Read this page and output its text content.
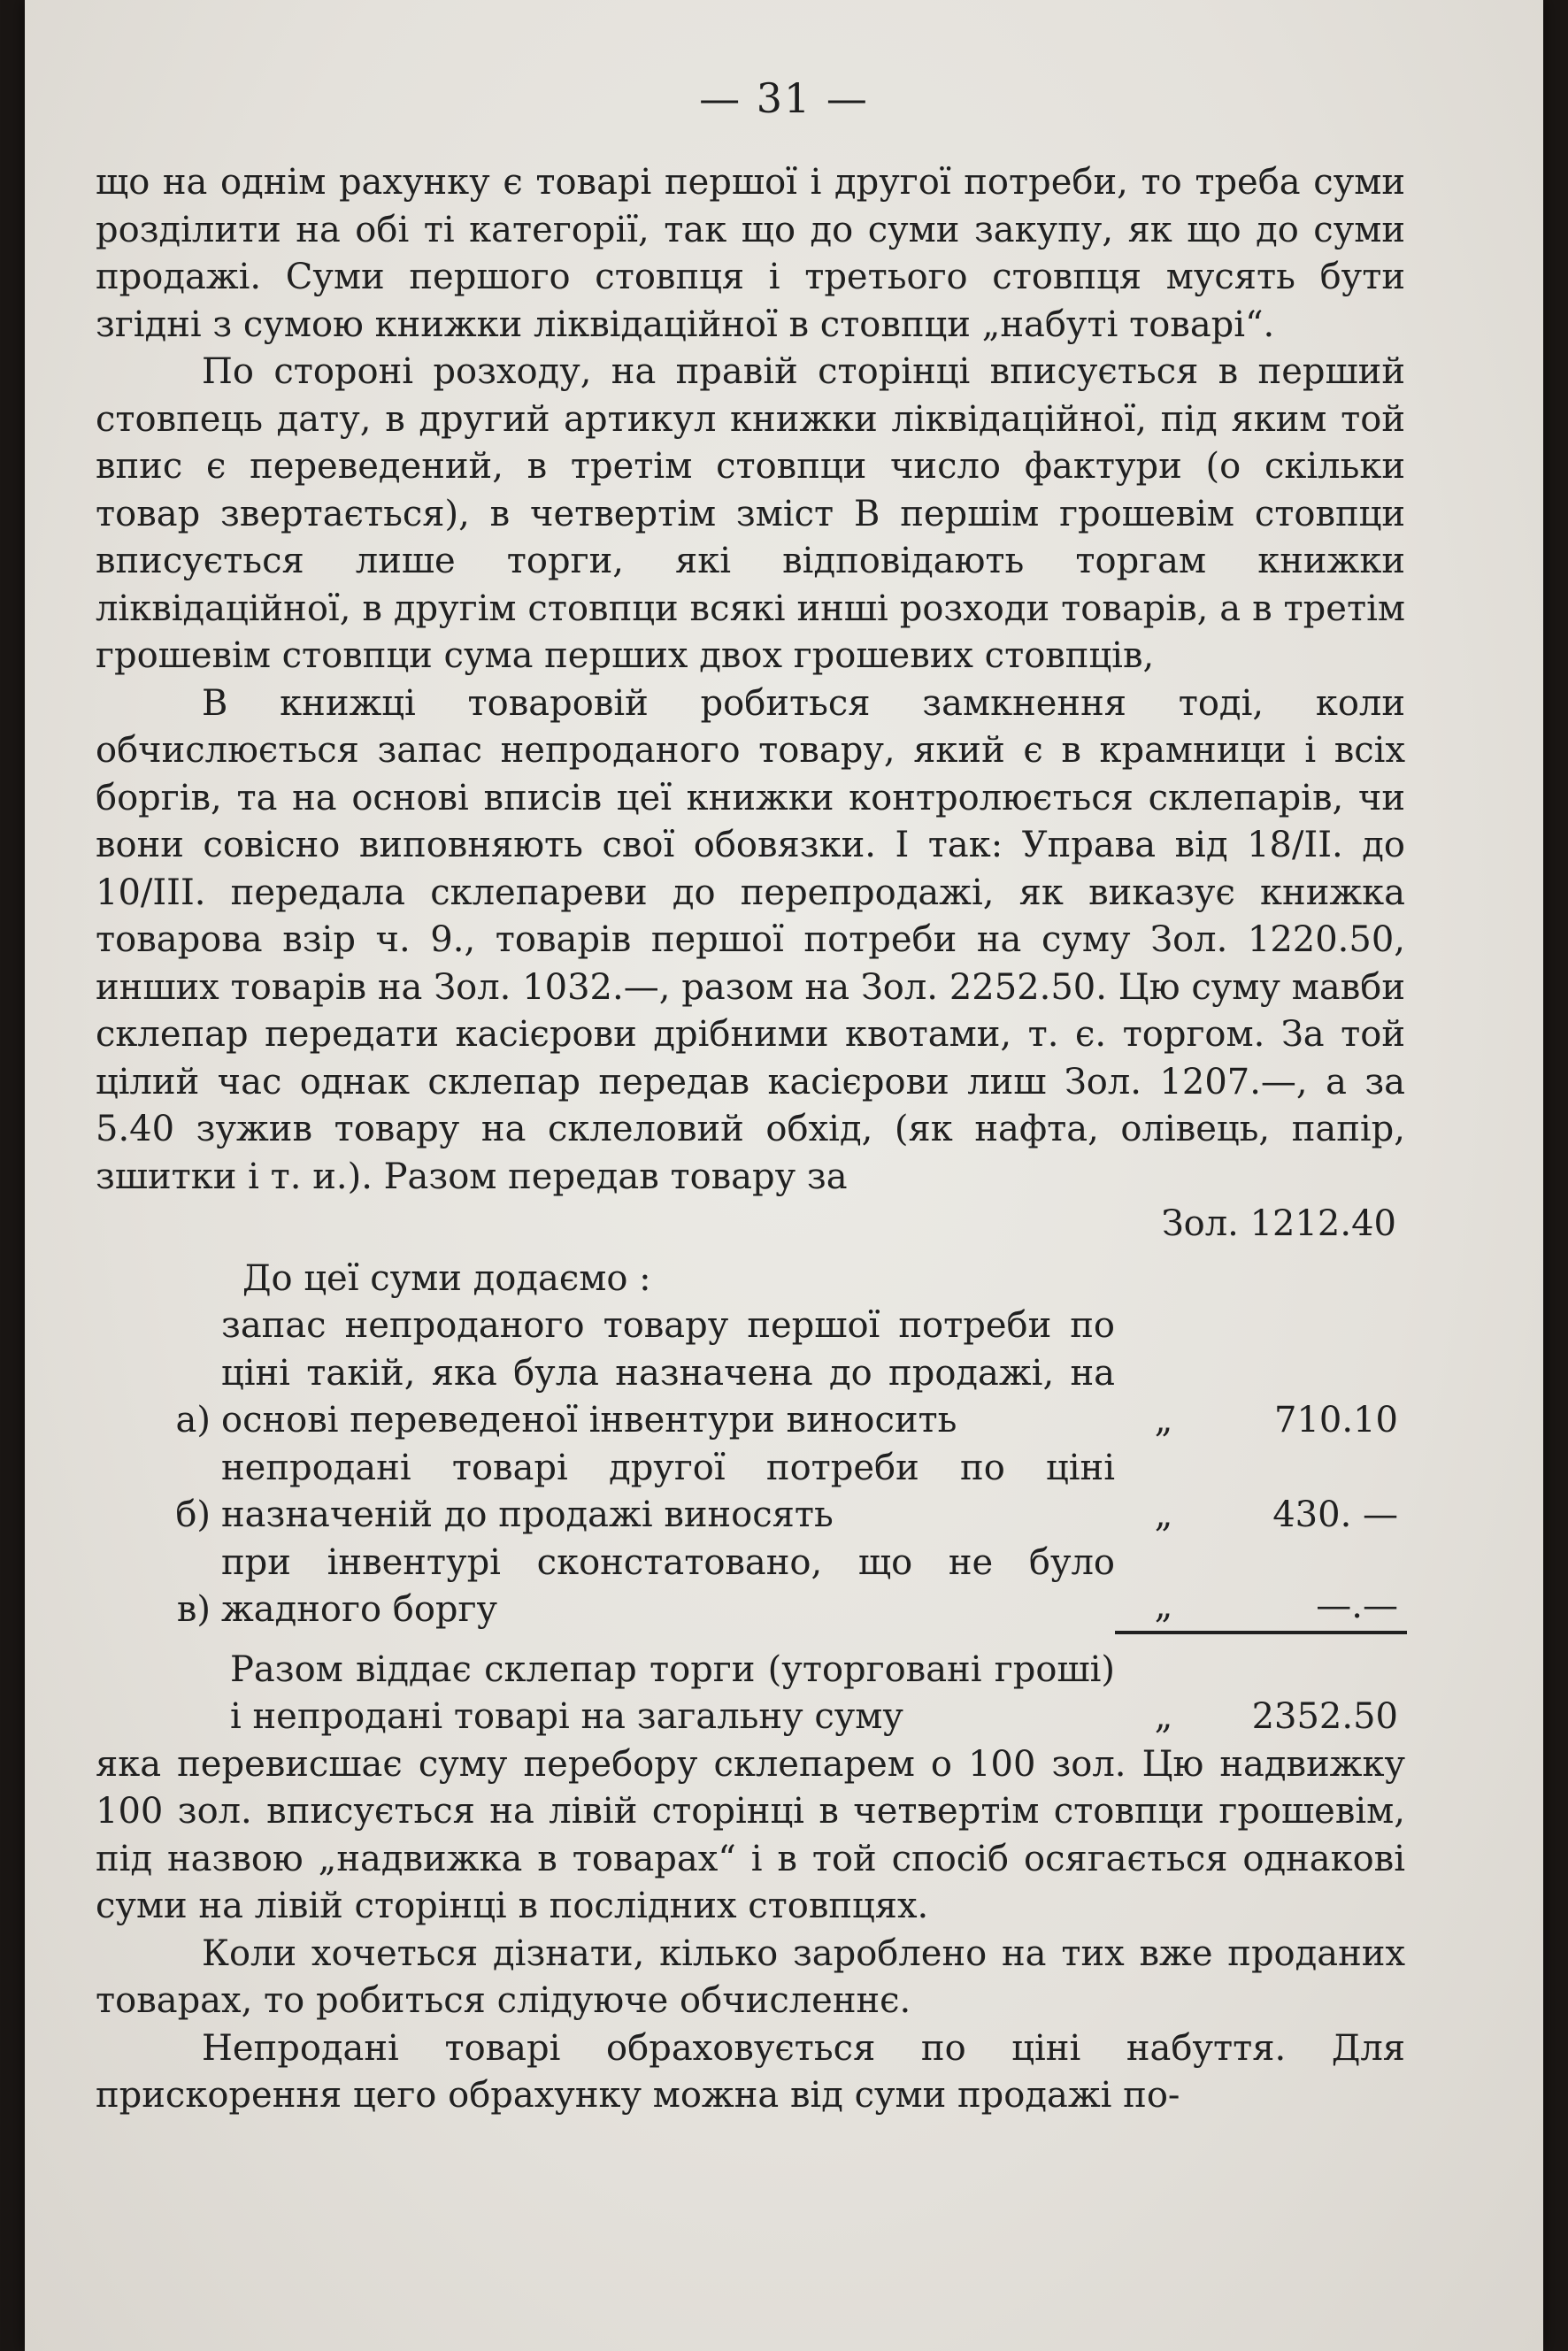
— 31 —

що на однім рахунку є товарі першої і другої потреби, то треба суми розділити на обі ті категорії, так що до суми закупу, як що до суми продажі. Суми першого стовпця і третього стовпця мусять бути згідні з сумою книжки ліквідаційної в стовпци „набуті товарі“.

По стороні розходу, на правій сторінці вписується в перший стовпець дату, в другий артикул книжки ліквідаційної, під яким той впис є переведений, в третім стовпци число фактури (о скільки товар звертається), в четвертім зміст В першім грошевім стовпци вписується лише торги, які відповідають торгам книжки ліквідаційної, в другім стовпци всякі инші розходи товарів, а в третім грошевім стовпци сума перших двох грошевих стовпців,

В книжці товаровій робиться замкнення тоді, коли обчислюється запас непроданого товару, який є в крамници і всіх боргів, та на основі вписів цеї книжки контролюється склепарів, чи вони совісно виповняють свої обовязки. І так: Управа від 18/II. до 10/III. передала склепареви до перепродажі, як виказує книжка товарова взір ч. 9., товарів першої потреби на суму Зол. 1220.50, инших товарів на Зол. 1032.—, разом на Зол. 2252.50. Цю суму мавби склепар передати касієрови дрібними квотами, т. є. торгом. За той цілий час однак склепар передав касієрови лиш Зол. 1207.—, а за 5.40 зужив товару на склеловий обхід, (як нафта, олівець, папір, зшитки і т. и.). Разом передав товару за

Зол. 1212.40
До цеї суми додаємо :
а)
запас непроданого товару першої потреби по ціні такій, яка була назначена до продажі, на основі переведеної інвентури виносить	„	710.10
б)
непродані товарі другої потреби по ціні назначеній до продажі виносять	„	430. —
в)
при інвентурі сконстатовано, що не було жадного боргу	„	—.—
Разом віддає склепар торги (уторговані гроші) і непродані товарі на загальну суму	„	2352.50

яка перевисшає суму перебору склепарем о 100 зол. Цю надвижку 100 зол. вписується на лівій сторінці в четвертім стовпци грошевім, під назвою „надвижка в товарах“ і в той спосіб осягається однакові суми на лівій сторінці в послідних стовпцях.

Коли хочеться дізнати, кілько зароблено на тих вже проданих товарах, то робиться слідуюче обчисленнє.

Непродані товарі обраховується по ціні набуття. Для прискорення цего обрахунку можна від суми продажі по-
